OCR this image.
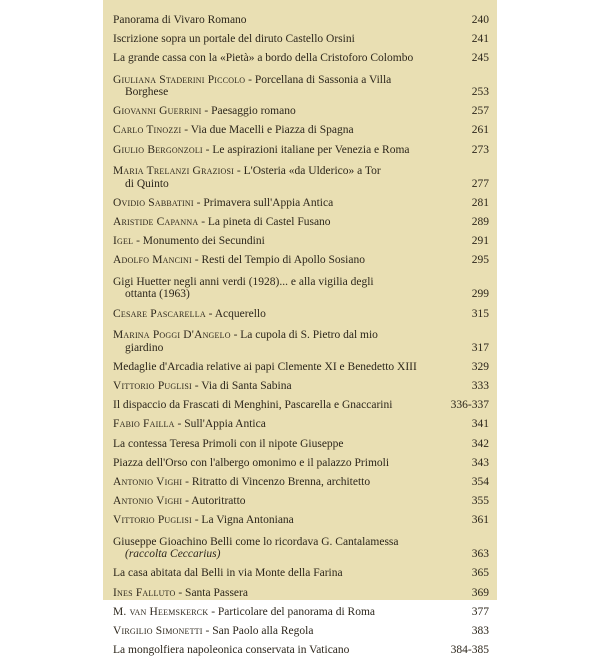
Panorama di Vivaro Romano	240
Iscrizione sopra un portale del diruto Castello Orsini	241
La grande cassa con la «Pietà» a bordo della Cristoforo Colombo	245
Giuliana Staderini Piccolo - Porcellana di Sassonia a Villa
Borghese	253
Giovanni Guerrini - Paesaggio romano	257
Carlo Tinozzi - Via due Macelli e Piazza di Spagna	261
Giulio Bergonzoli - Le aspirazioni italiane per Venezia e Roma	273
Maria Trelanzi Graziosi - L'Osteria «da Ulderico» a Tor
di Quinto	277
Ovidio Sabbatini - Primavera sull'Appia Antica	281
Aristide Capanna - La pineta di Castel Fusano	289
Igel - Monumento dei Secundini	291
Adolfo Mancini - Resti del Tempio di Apollo Sosiano	295
Gigi Huetter negli anni verdi (1928)... e alla vigilia degli
ottanta (1963)	299
Cesare Pascarella - Acquerello	315
Marina Poggi D'Angelo - La cupola di S. Pietro dal mio
giardino	317
Medaglie d'Arcadia relative ai papi Clemente XI e Benedetto XIII	329
Vittorio Puglisi - Via di Santa Sabina	333
Il dispaccio da Frascati di Menghini, Pascarella e Gnaccarini	336-337
Fabio Failla - Sull'Appia Antica	341
La contessa Teresa Primoli con il nipote Giuseppe	342
Piazza dell'Orso con l'albergo omonimo e il palazzo Primoli	343
Antonio Vighi - Ritratto di Vincenzo Brenna, architetto	354
Antonio Vighi - Autoritratto	355
Vittorio Puglisi - La Vigna Antoniana	361
Giuseppe Gioachino Belli come lo ricordava G. Cantalamessa
(raccolta Ceccarius)	363
La casa abitata dal Belli in via Monte della Farina	365
Ines Falluto - Santa Passera	369
M. van Heemskerck - Particolare del panorama di Roma	377
Virgilio Simonetti - San Paolo alla Regola	383
La mongolfiera napoleonica conservata in Vaticano	384-385
